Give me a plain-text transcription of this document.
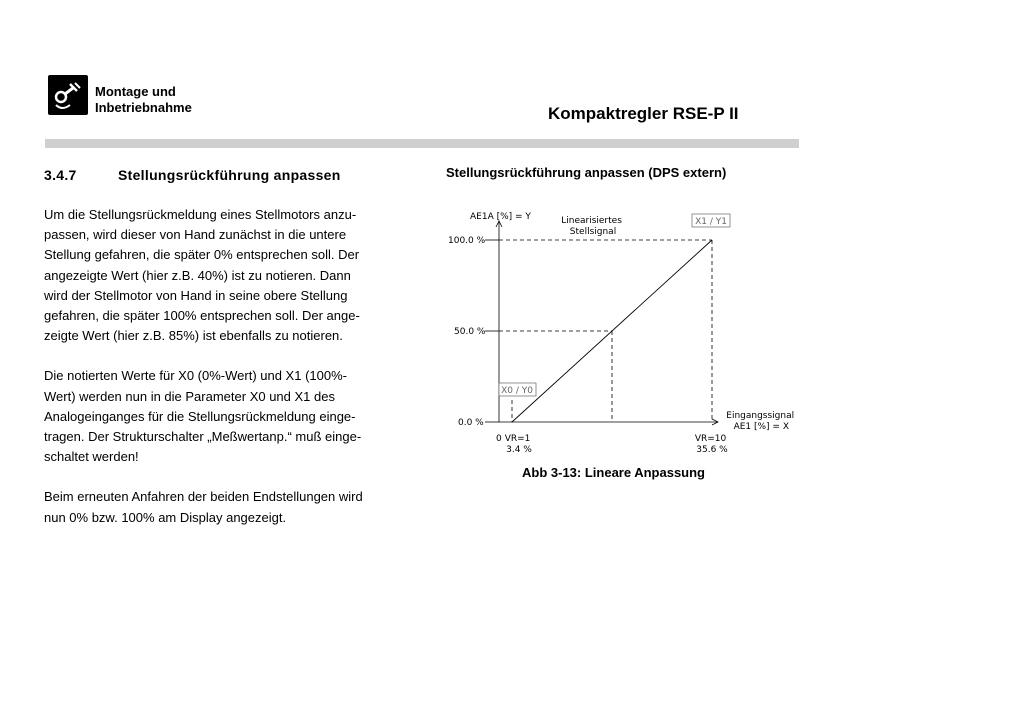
Montage und
Inbetriebnahme	Kompaktregler RSE-P II
3.4.7	Stellungsrückführung anpassen

Um die Stellungsrückmeldung eines Stellmotors anzu-
passen, wird dieser von Hand zunächst in die untere
Stellung gefahren, die später 0% entsprechen soll. Der
angezeigte Wert (hier z.B. 40%) ist zu notieren. Dann
wird der Stellmotor von Hand in seine obere Stellung
gefahren, die später 100% entsprechen soll. Der ange-
zeigte Wert (hier z.B. 85%) ist ebenfalls zu notieren.

Die notierten Werte für X0 (0%-Wert) und X1 (100%-
Wert) werden nun in die Parameter X0 und X1 des
Analogeinganges für die Stellungsrückmeldung einge-
tragen. Der Strukturschalter „Meßwertanp.“ muß einge-
schaltet werden!

Beim erneuten Anfahren der beiden Endstellungen wird
nun 0% bzw. 100% am Display angezeigt.

Stellungsrückführung anpassen (DPS extern)
AE1A [%] = Y	Linearisiertes Stellsignal
Eingangssignal AE1 [%] = X
100.0 %
50.0 %
0.0 %
0 VR=1 3.4 %
VR=10 35.6 %
X0 / Y0
X1 / Y1
Abb 3-13: Lineare Anpassung
